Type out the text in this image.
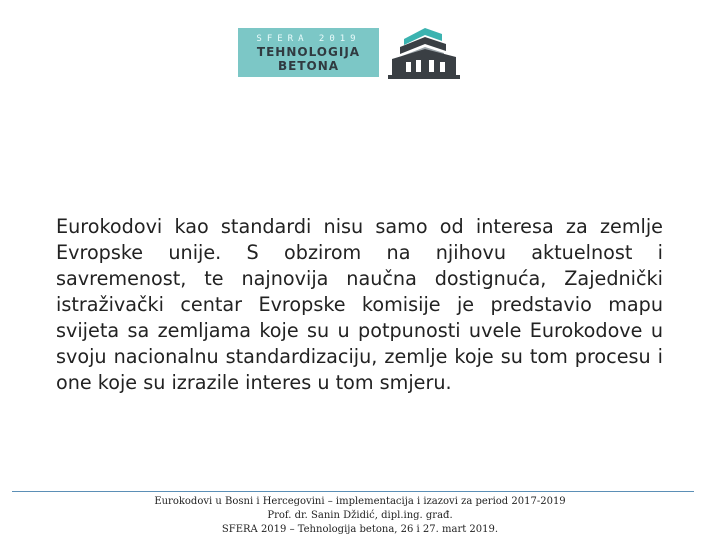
SFERA 2019
TEHNOLOGIJA
BETONA

Eurokodovi kao standardi nisu samo od interesa za zemlje Evropske unije. S obzirom na njihovu aktuelnost i savremenost, te najnovija naučna dostignuća, Zajednički istraživački centar Evropske komisije je predstavio mapu svijeta sa zemljama koje su u potpunosti uvele Eurokodove u svoju nacionalnu standardizaciju, zemlje koje su tom procesu i one koje su izrazile interes u tom smjeru.

Eurokodovi u Bosni i Hercegovini – implementacija i izazovi za period 2017-2019
Prof. dr. Sanin Džidić, dipl.ing. građ.
SFERA 2019 – Tehnologija betona, 26 i 27. mart 2019.
